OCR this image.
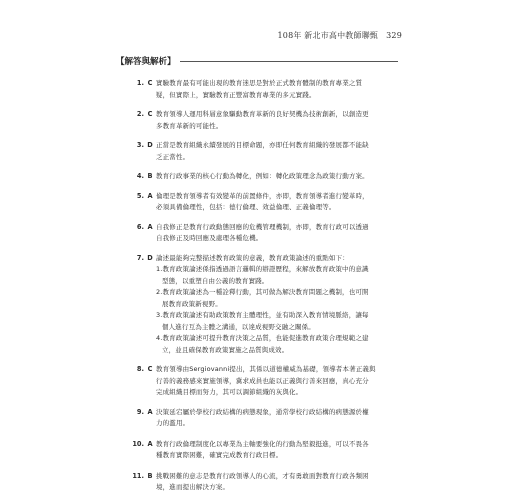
108年 新北市高中教師聯甄 329
【解答與解析】
1. C 實驗教育最有可能出現的教育迷思是對於正式教育體制的教育專業之質
疑，但實際上，實驗教育正豐富教育專業的多元實踐。
2. C 教育領導人運用科層意象驅動教育革新的良好契機為技術創新，以創造更
多教育革新的可能性。
3. D 正當是教育組織永續發展的目標命題，亦即任何教育組織的發展都不能缺
乏正當性。
4. B 教育行政事業的核心行動為轉化，例如：轉化政策理念為政策行動方案。
5. A 倫理是教育領導者有效變革的前置條件，亦即，教育領導者進行變革時，
必須具備倫理性，包括：德行倫理、效益倫理、正義倫理等。
6. A 自我修正是教育行政動態回應的危機管理機制，亦即，教育行政可以透過
自我修正及時回應及處理各種危機。
7. D 論述最能夠完整描述教育政策的意義，教育政策論述的重點如下：
1.教育政策論述係指透過語言邏輯的辯證歷程，來解放教育政策中的意識
型態，以重塑自由公義的教育實踐。
2.教育政策論述為一種詮釋行動，其可做為解決教育問題之機制，也可開
展教育政策新視野。
3.教育政策論述有助政策教育主體理性，並有助深入教育情境脈絡，讓每
個人進行互為主體之溝通，以達成視野交融之關係。
4.教育政策論述可提升教育決策之品質，也能促進教育政策合理規範之建
立，並且確保教育政策實施之品質與成效。
8. C 教育領導由Sergiovanni提出，其係以道德權威為基礎，領導者本著正義與
行善的義務感來實施領導，冀求成員也能以正義與行善來回應，真心充分
完成組織目標而努力，其可以調節組織的灰與化。
9. A 決策延宕屬於學校行政結構的病態現象，通常學校行政結構的病態源於權
力的濫用。
10. A 教育行政倫理制度化以專業為主軸要強化的行動為堅毅挺進，可以不畏各
種教育實際困難，確實完成教育行政目標。
11. B 挑戰困難的意志是教育行政領導人的心流，才有勇敢面對教育行政各類困
境，進而提出解決方案。
